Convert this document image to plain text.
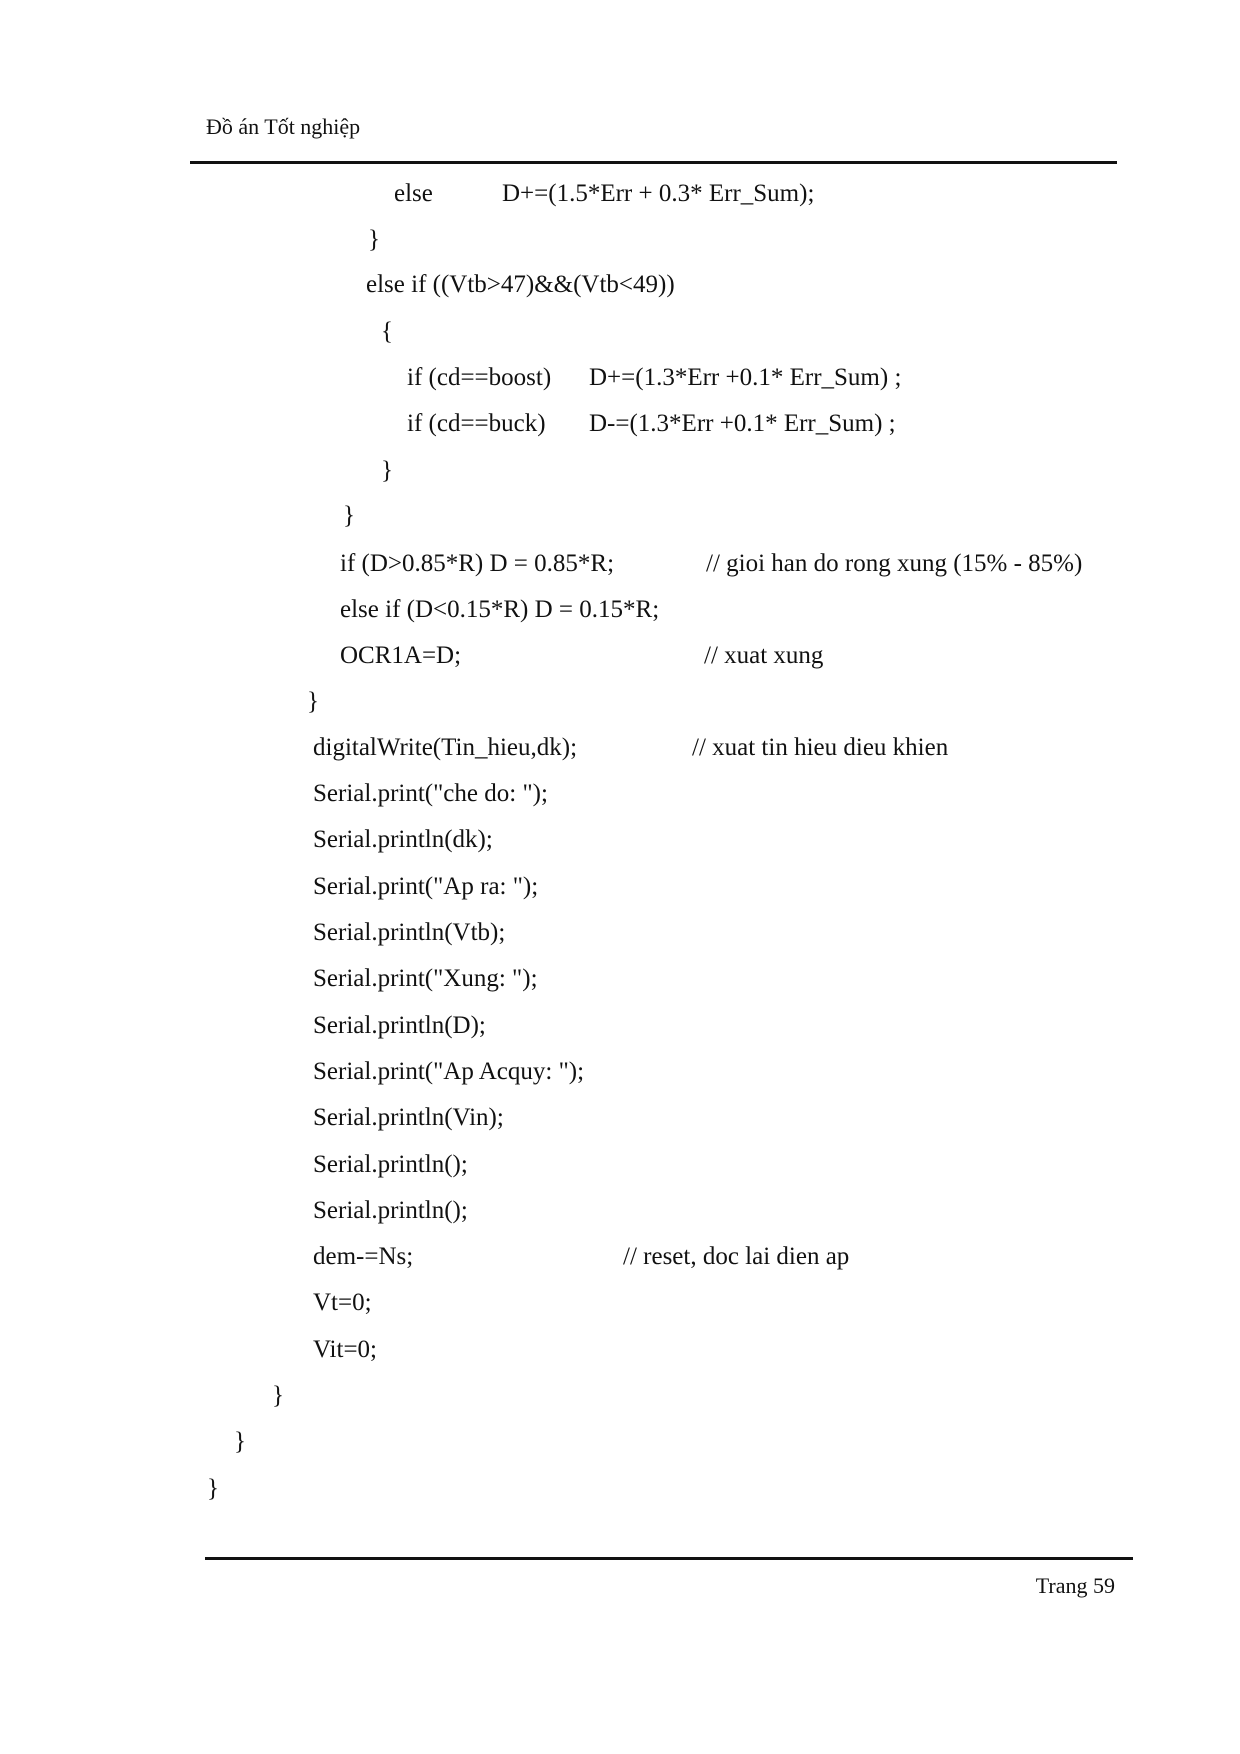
Đồ án Tốt nghiệp
else	D+=(1.5*Err + 0.3* Err_Sum);
}
else if ((Vtb>47)&&(Vtb<49))
{
if (cd==boost) D+=(1.3*Err +0.1* Err_Sum) ;
if (cd==buck) D-=(1.3*Err +0.1* Err_Sum) ;
}
}
if (D>0.85*R) D = 0.85*R;	// gioi han do rong xung (15% - 85%)
else if (D<0.15*R) D = 0.15*R;
OCR1A=D;	// xuat xung
}
digitalWrite(Tin_hieu,dk);	// xuat tin hieu dieu khien
Serial.print("che do: ");
Serial.println(dk);
Serial.print("Ap ra: ");
Serial.println(Vtb);
Serial.print("Xung: ");
Serial.println(D);
Serial.print("Ap Acquy: ");
Serial.println(Vin);
Serial.println();
Serial.println();
dem-=Ns;	// reset, doc lai dien ap
Vt=0;
Vit=0;
}
}
}
Trang 59
